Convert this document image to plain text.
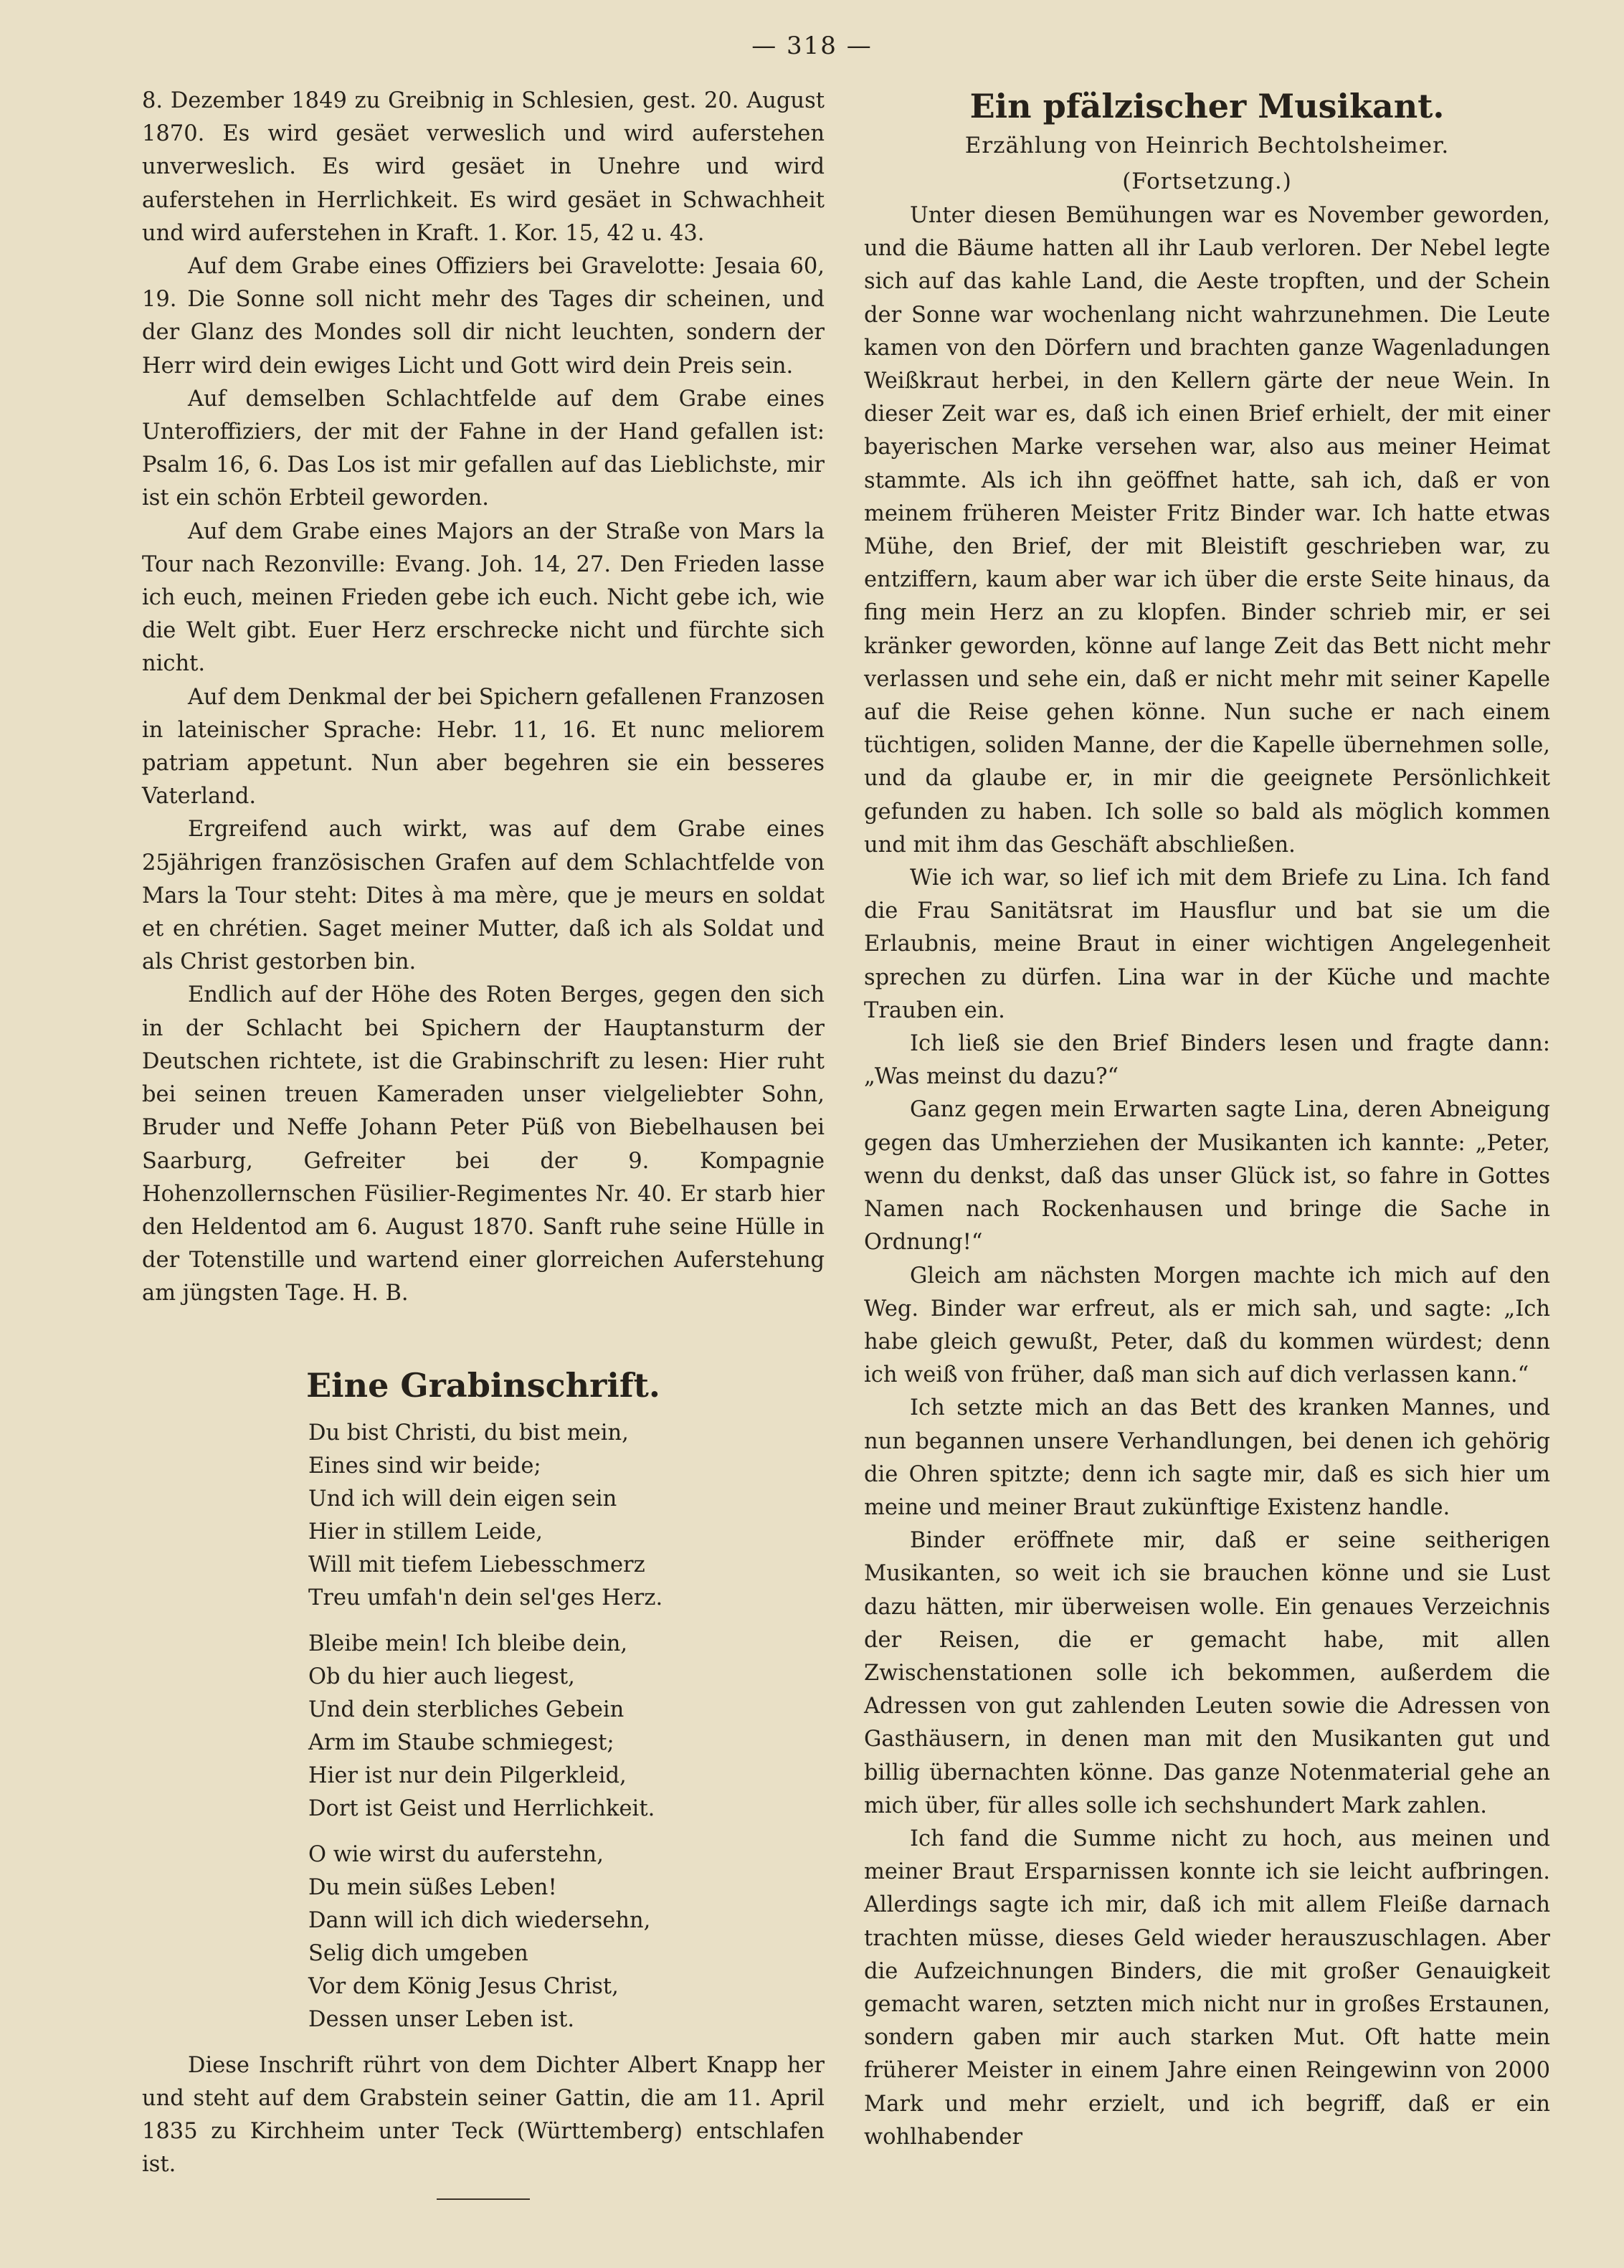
— 318 —

8. Dezember 1849 zu Greibnig in Schlesien, gest. 20. August 1870. Es wird gesäet verweslich und wird auferstehen unverweslich. Es wird gesäet in Unehre und wird auferstehen in Herrlichkeit. Es wird gesäet in Schwachheit und wird auferstehen in Kraft. 1. Kor. 15, 42 u. 43.

Auf dem Grabe eines Offiziers bei Gravelotte: Jesaia 60, 19. Die Sonne soll nicht mehr des Tages dir scheinen, und der Glanz des Mondes soll dir nicht leuchten, sondern der Herr wird dein ewiges Licht und Gott wird dein Preis sein.

Auf demselben Schlachtfelde auf dem Grabe eines Unteroffiziers, der mit der Fahne in der Hand gefallen ist: Psalm 16, 6. Das Los ist mir gefallen auf das Lieblichste, mir ist ein schön Erbteil geworden.

Auf dem Grabe eines Majors an der Straße von Mars la Tour nach Rezonville: Evang. Joh. 14, 27. Den Frieden lasse ich euch, meinen Frieden gebe ich euch. Nicht gebe ich, wie die Welt gibt. Euer Herz erschrecke nicht und fürchte sich nicht.

Auf dem Denkmal der bei Spichern gefallenen Franzosen in lateinischer Sprache: Hebr. 11, 16. Et nunc meliorem patriam appetunt. Nun aber begehren sie ein besseres Vaterland.

Ergreifend auch wirkt, was auf dem Grabe eines 25jährigen französischen Grafen auf dem Schlachtfelde von Mars la Tour steht: Dites à ma mère, que je meurs en soldat et en chrétien. Saget meiner Mutter, daß ich als Soldat und als Christ gestorben bin.

Endlich auf der Höhe des Roten Berges, gegen den sich in der Schlacht bei Spichern der Hauptansturm der Deutschen richtete, ist die Grabinschrift zu lesen: Hier ruht bei seinen treuen Kameraden unser vielgeliebter Sohn, Bruder und Neffe Johann Peter Püß von Biebelhausen bei Saarburg, Gefreiter bei der 9. Kompagnie Hohenzollernschen Füsilier-Regimentes Nr. 40. Er starb hier den Heldentod am 6. August 1870. Sanft ruhe seine Hülle in der Totenstille und wartend einer glorreichen Auferstehung am jüngsten Tage. H. B.

Eine Grabinschrift.
Du bist Christi, du bist mein,
Eines sind wir beide;
Und ich will dein eigen sein
Hier in stillem Leide,
Will mit tiefem Liebesschmerz
Treu umfah'n dein sel'ges Herz.
Bleibe mein! Ich bleibe dein,
Ob du hier auch liegest,
Und dein sterbliches Gebein
Arm im Staube schmiegest;
Hier ist nur dein Pilgerkleid,
Dort ist Geist und Herrlichkeit.
O wie wirst du auferstehn,
Du mein süßes Leben!
Dann will ich dich wiedersehn,
Selig dich umgeben
Vor dem König Jesus Christ,
Dessen unser Leben ist.

Diese Inschrift rührt von dem Dichter Albert Knapp her und steht auf dem Grabstein seiner Gattin, die am 11. April 1835 zu Kirchheim unter Teck (Württemberg) entschlafen ist.

Ein pfälzischer Musikant.

Erzählung von Heinrich Bechtolsheimer.

(Fortsetzung.)

Unter diesen Bemühungen war es November geworden, und die Bäume hatten all ihr Laub verloren. Der Nebel legte sich auf das kahle Land, die Aeste tropften, und der Schein der Sonne war wochenlang nicht wahrzunehmen. Die Leute kamen von den Dörfern und brachten ganze Wagenladungen Weißkraut herbei, in den Kellern gärte der neue Wein. In dieser Zeit war es, daß ich einen Brief erhielt, der mit einer bayerischen Marke versehen war, also aus meiner Heimat stammte. Als ich ihn geöffnet hatte, sah ich, daß er von meinem früheren Meister Fritz Binder war. Ich hatte etwas Mühe, den Brief, der mit Bleistift geschrieben war, zu entziffern, kaum aber war ich über die erste Seite hinaus, da fing mein Herz an zu klopfen. Binder schrieb mir, er sei kränker geworden, könne auf lange Zeit das Bett nicht mehr verlassen und sehe ein, daß er nicht mehr mit seiner Kapelle auf die Reise gehen könne. Nun suche er nach einem tüchtigen, soliden Manne, der die Kapelle übernehmen solle, und da glaube er, in mir die geeignete Persönlichkeit gefunden zu haben. Ich solle so bald als möglich kommen und mit ihm das Geschäft abschließen.

Wie ich war, so lief ich mit dem Briefe zu Lina. Ich fand die Frau Sanitätsrat im Hausflur und bat sie um die Erlaubnis, meine Braut in einer wichtigen Angelegenheit sprechen zu dürfen. Lina war in der Küche und machte Trauben ein.

Ich ließ sie den Brief Binders lesen und fragte dann: „Was meinst du dazu?“

Ganz gegen mein Erwarten sagte Lina, deren Abneigung gegen das Umherziehen der Musikanten ich kannte: „Peter, wenn du denkst, daß das unser Glück ist, so fahre in Gottes Namen nach Rockenhausen und bringe die Sache in Ordnung!“

Gleich am nächsten Morgen machte ich mich auf den Weg. Binder war erfreut, als er mich sah, und sagte: „Ich habe gleich gewußt, Peter, daß du kommen würdest; denn ich weiß von früher, daß man sich auf dich verlassen kann.“

Ich setzte mich an das Bett des kranken Mannes, und nun begannen unsere Verhandlungen, bei denen ich gehörig die Ohren spitzte; denn ich sagte mir, daß es sich hier um meine und meiner Braut zukünftige Existenz handle.

Binder eröffnete mir, daß er seine seitherigen Musikanten, so weit ich sie brauchen könne und sie Lust dazu hätten, mir überweisen wolle. Ein genaues Verzeichnis der Reisen, die er gemacht habe, mit allen Zwischenstationen solle ich bekommen, außerdem die Adressen von gut zahlenden Leuten sowie die Adressen von Gasthäusern, in denen man mit den Musikanten gut und billig übernachten könne. Das ganze Notenmaterial gehe an mich über, für alles solle ich sechshundert Mark zahlen.

Ich fand die Summe nicht zu hoch, aus meinen und meiner Braut Ersparnissen konnte ich sie leicht aufbringen. Allerdings sagte ich mir, daß ich mit allem Fleiße darnach trachten müsse, dieses Geld wieder herauszuschlagen. Aber die Aufzeichnungen Binders, die mit großer Genauigkeit gemacht waren, setzten mich nicht nur in großes Erstaunen, sondern gaben mir auch starken Mut. Oft hatte mein früherer Meister in einem Jahre einen Reingewinn von 2000 Mark und mehr erzielt, und ich begriff, daß er ein wohlhabender
